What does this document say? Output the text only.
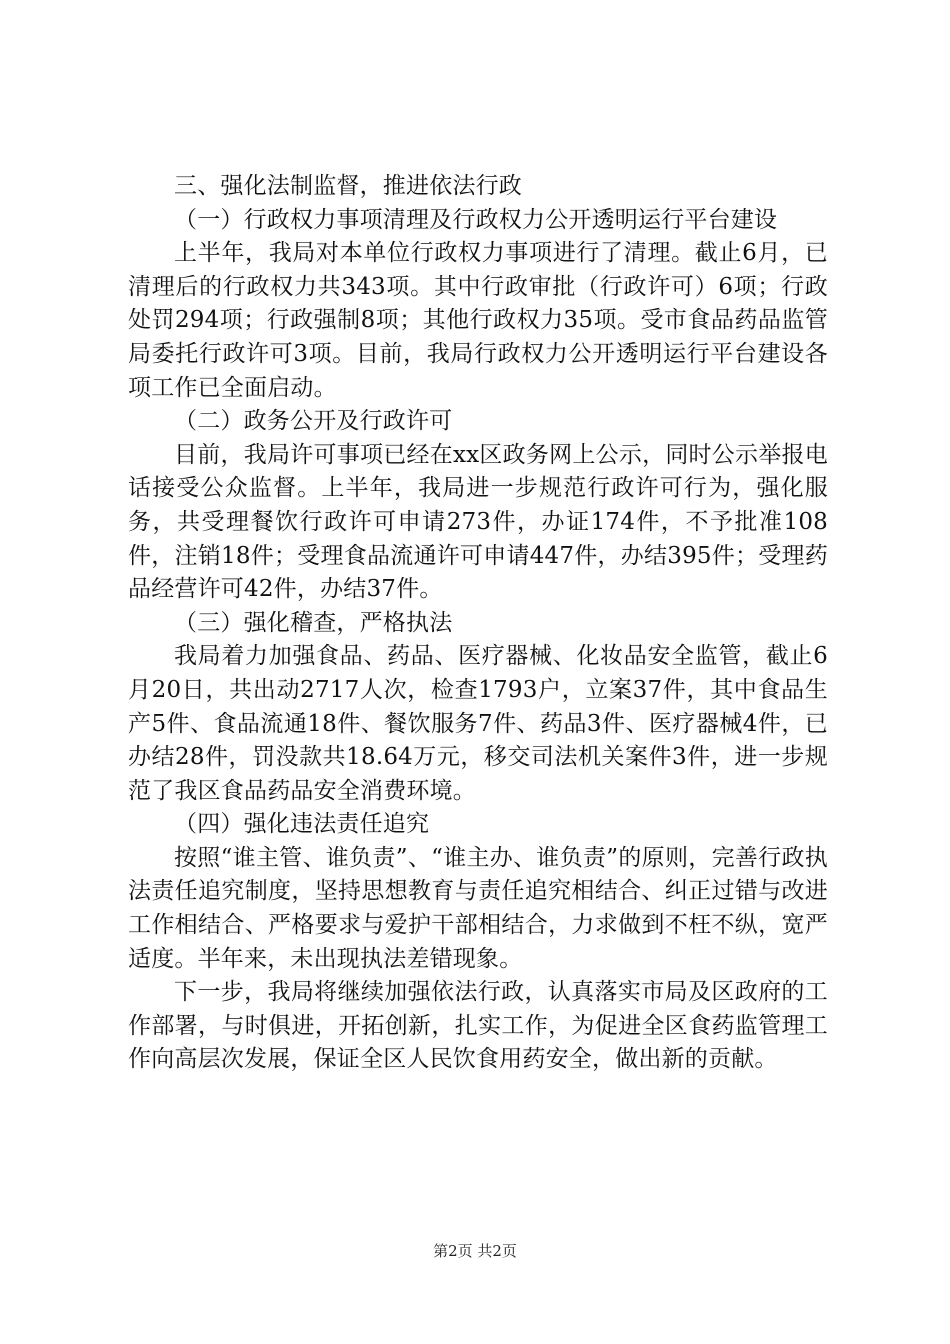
三、强化法制监督，推进依法行政

（一）行政权力事项清理及行政权力公开透明运行平台建设

上半年，我局对本单位行政权力事项进行了清理。截止6月，已清理后的行政权力共343项。其中行政审批（行政许可）6项；行政处罚294项；行政强制8项；其他行政权力35项。受市食品药品监管局委托行政许可3项。目前，我局行政权力公开透明运行平台建设各项工作已全面启动。

（二）政务公开及行政许可

目前，我局许可事项已经在xx区政务网上公示，同时公示举报电话接受公众监督。上半年，我局进一步规范行政许可行为，强化服务，共受理餐饮行政许可申请273件，办证174件，不予批准108件，注销18件；受理食品流通许可申请447件，办结395件；受理药品经营许可42件，办结37件。

（三）强化稽查，严格执法

我局着力加强食品、药品、医疗器械、化妆品安全监管，截止6月20日，共出动2717人次，检查1793户，立案37件，其中食品生产5件、食品流通18件、餐饮服务7件、药品3件、医疗器械4件，已办结28件，罚没款共18.64万元，移交司法机关案件3件，进一步规范了我区食品药品安全消费环境。

（四）强化违法责任追究

按照“谁主管、谁负责”、“谁主办、谁负责”的原则，完善行政执法责任追究制度，坚持思想教育与责任追究相结合、纠正过错与改进工作相结合、严格要求与爱护干部相结合，力求做到不枉不纵，宽严适度。半年来，未出现执法差错现象。

下一步，我局将继续加强依法行政，认真落实市局及区政府的工作部署，与时俱进，开拓创新，扎实工作，为促进全区食药监管理工作向高层次发展，保证全区人民饮食用药安全，做出新的贡献。

第2页 共2页
